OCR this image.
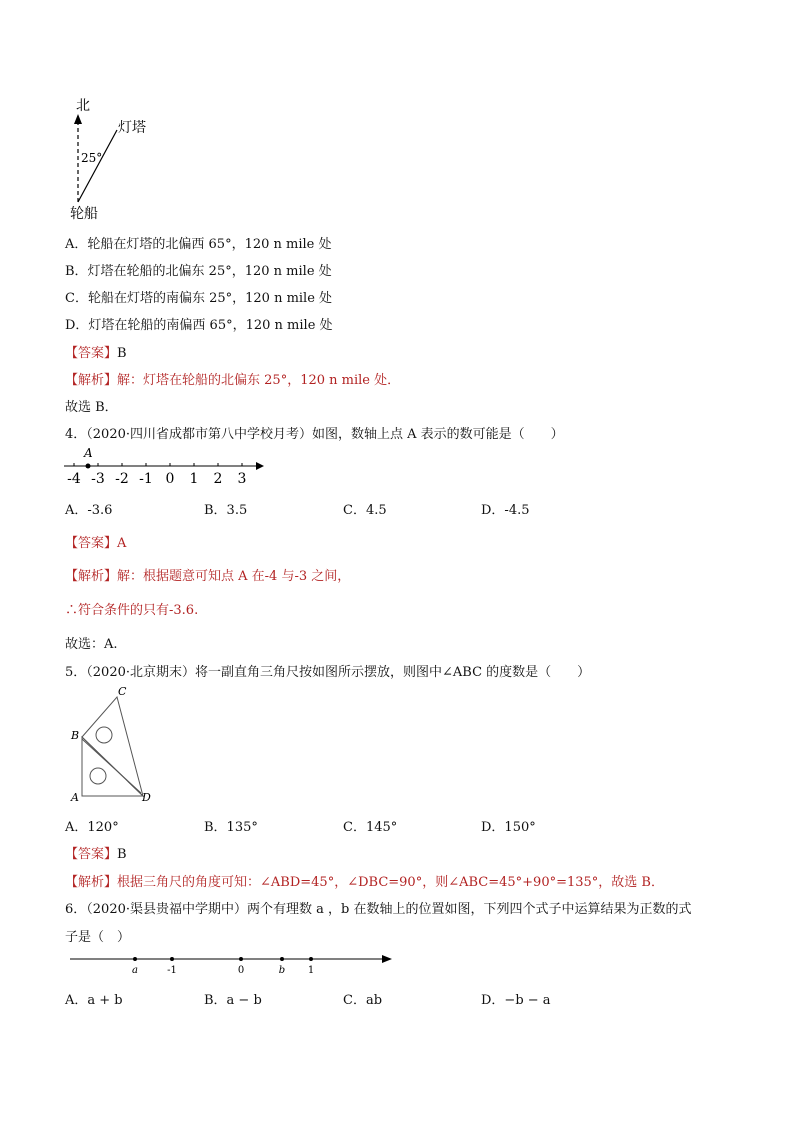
北
灯塔
25°
轮船
A．轮船在灯塔的北偏西 65°，120 n mile 处
B．灯塔在轮船的北偏东 25°，120 n mile 处
C．轮船在灯塔的南偏东 25°，120 n mile 处
D．灯塔在轮船的南偏西 65°，120 n mile 处
【答案】B
【解析】解：灯塔在轮船的北偏东 25°，120 n mile 处．
故选 B．
4．（2020·四川省成都市第八中学校月考）如图，数轴上点 A 表示的数可能是（　　）
-4 -3 -2 -1 0 1 2 3
A
A．-3.6	B．3.5	C．4.5	D．-4.5
【答案】A
【解析】解：根据题意可知点 A 在-4 与-3 之间，
∴符合条件的只有-3.6.
故选：A.
5．（2020·北京期末）将一副直角三角尺按如图所示摆放，则图中∠ABC 的度数是（　　）
C
B
A	D
A．120°	B．135°	C．145°	D．150°
【答案】B
【解析】根据三角尺的角度可知：∠ABD=45°，∠DBC=90°，则∠ABC=45°+90°=135°，故选 B．
6．（2020·渠县贵福中学期中）两个有理数 a ，b 在数轴上的位置如图，下列四个式子中运算结果为正数的式
子是（　）
a	-1	0	b 1
A．a + b	B．a − b	C．ab	D．−b − a
